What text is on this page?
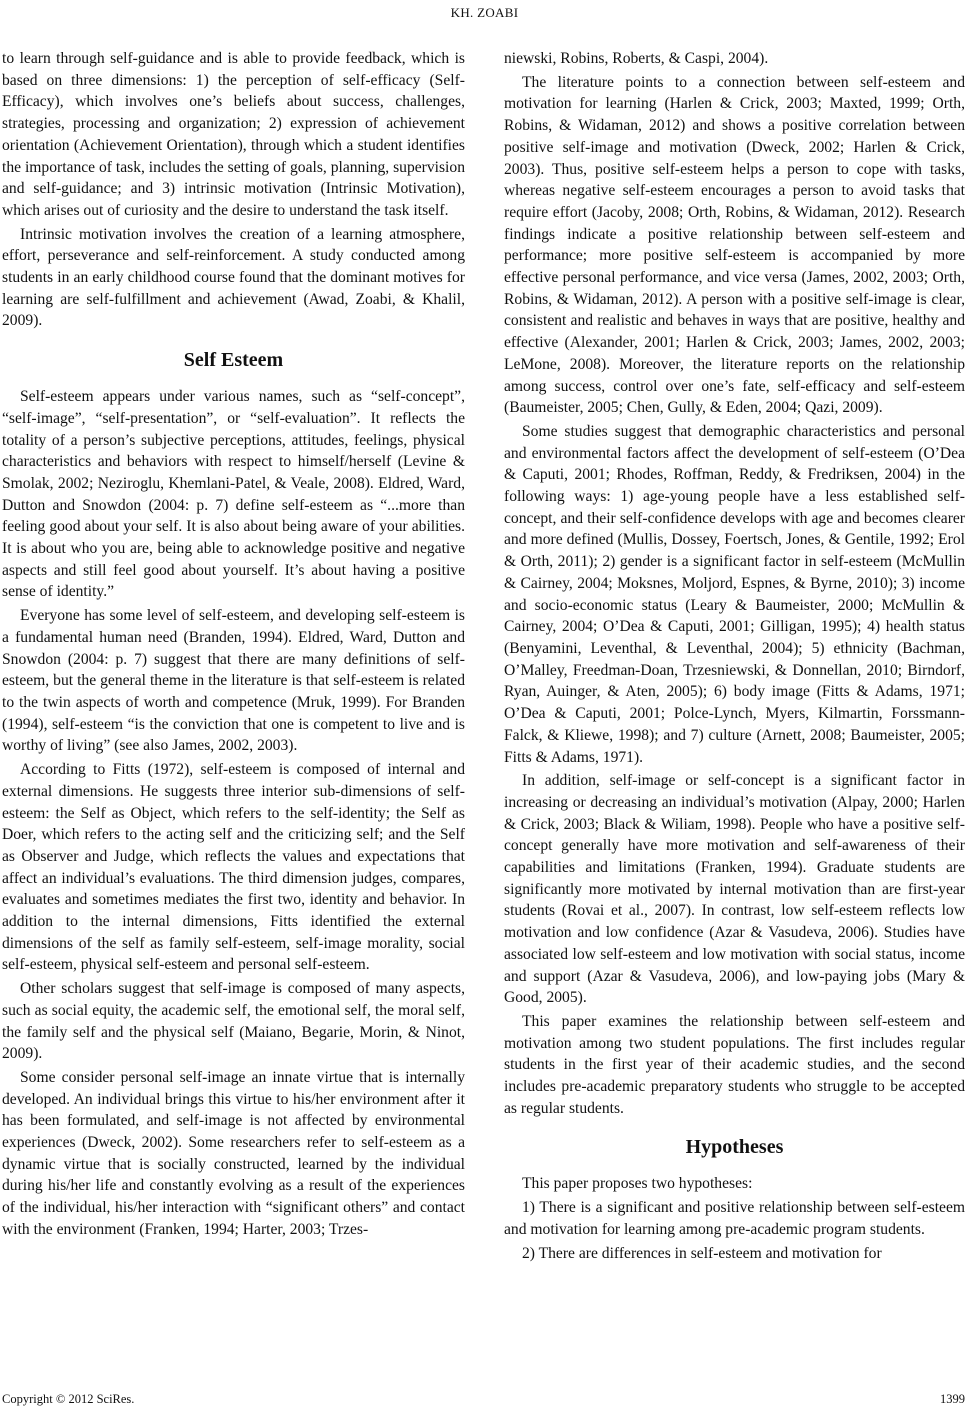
KH. ZOABI

to learn through self-guidance and is able to provide feedback, which is based on three dimensions: 1) the perception of self-efficacy (Self-Efficacy), which involves one’s beliefs about success, challenges, strategies, processing and organization; 2) expression of achievement orientation (Achievement Orientation), through which a student identifies the importance of task, includes the setting of goals, planning, supervision and self-guidance; and 3) intrinsic motivation (Intrinsic Motivation), which arises out of curiosity and the desire to understand the task itself.

Intrinsic motivation involves the creation of a learning atmosphere, effort, perseverance and self-reinforcement. A study conducted among students in an early childhood course found that the dominant motives for learning are self-fulfillment and achievement (Awad, Zoabi, & Khalil, 2009).

Self Esteem

Self-esteem appears under various names, such as “self-concept”, “self-image”, “self-presentation”, or “self-evaluation”. It reflects the totality of a person’s subjective perceptions, attitudes, feelings, physical characteristics and behaviors with respect to himself/herself (Levine & Smolak, 2002; Neziroglu, Khemlani-Patel, & Veale, 2008). Eldred, Ward, Dutton and Snowdon (2004: p. 7) define self-esteem as “...more than feeling good about your self. It is also about being aware of your abilities. It is about who you are, being able to acknowledge positive and negative aspects and still feel good about yourself. It’s about having a positive sense of identity.”

Everyone has some level of self-esteem, and developing self-esteem is a fundamental human need (Branden, 1994). Eldred, Ward, Dutton and Snowdon (2004: p. 7) suggest that there are many definitions of self-esteem, but the general theme in the literature is that self-esteem is related to the twin aspects of worth and competence (Mruk, 1999). For Branden (1994), self-esteem “is the conviction that one is competent to live and is worthy of living” (see also James, 2002, 2003).

According to Fitts (1972), self-esteem is composed of internal and external dimensions. He suggests three interior sub-dimensions of self-esteem: the Self as Object, which refers to the self-identity; the Self as Doer, which refers to the acting self and the criticizing self; and the Self as Observer and Judge, which reflects the values and expectations that affect an individual’s evaluations. The third dimension judges, compares, evaluates and sometimes mediates the first two, identity and behavior. In addition to the internal dimensions, Fitts identified the external dimensions of the self as family self-esteem, self-image morality, social self-esteem, physical self-esteem and personal self-esteem.

Other scholars suggest that self-image is composed of many aspects, such as social equity, the academic self, the emotional self, the moral self, the family self and the physical self (Maiano, Begarie, Morin, & Ninot, 2009).

Some consider personal self-image an innate virtue that is internally developed. An individual brings this virtue to his/her environment after it has been formulated, and self-image is not affected by environmental experiences (Dweck, 2002). Some researchers refer to self-esteem as a dynamic virtue that is socially constructed, learned by the individual during his/her life and constantly evolving as a result of the experiences of the individual, his/her interaction with “significant others” and contact with the environment (Franken, 1994; Harter, 2003; Trzes-

niewski, Robins, Roberts, & Caspi, 2004).

The literature points to a connection between self-esteem and motivation for learning (Harlen & Crick, 2003; Maxted, 1999; Orth, Robins, & Widaman, 2012) and shows a positive correlation between positive self-image and motivation (Dweck, 2002; Harlen & Crick, 2003). Thus, positive self-esteem helps a person to cope with tasks, whereas negative self-esteem encourages a person to avoid tasks that require effort (Jacoby, 2008; Orth, Robins, & Widaman, 2012). Research findings indicate a positive relationship between self-esteem and performance; more positive self-esteem is accompanied by more effective personal performance, and vice versa (James, 2002, 2003; Orth, Robins, & Widaman, 2012). A person with a positive self-image is clear, consistent and realistic and behaves in ways that are positive, healthy and effective (Alexander, 2001; Harlen & Crick, 2003; James, 2002, 2003; LeMone, 2008). Moreover, the literature reports on the relationship among success, control over one’s fate, self-efficacy and self-esteem (Baumeister, 2005; Chen, Gully, & Eden, 2004; Qazi, 2009).

Some studies suggest that demographic characteristics and personal and environmental factors affect the development of self-esteem (O’Dea & Caputi, 2001; Rhodes, Roffman, Reddy, & Fredriksen, 2004) in the following ways: 1) age-young people have a less established self-concept, and their self-confidence develops with age and becomes clearer and more defined (Mullis, Dossey, Foertsch, Jones, & Gentile, 1992; Erol & Orth, 2011); 2) gender is a significant factor in self-esteem (McMullin & Cairney, 2004; Moksnes, Moljord, Espnes, & Byrne, 2010); 3) income and socio-economic status (Leary & Baumeister, 2000; McMullin & Cairney, 2004; O’Dea & Caputi, 2001; Gilligan, 1995); 4) health status (Benyamini, Leventhal, & Leventhal, 2004); 5) ethnicity (Bachman, O’Malley, Freedman-Doan, Trzesniewski, & Donnellan, 2010; Birndorf, Ryan, Auinger, & Aten, 2005); 6) body image (Fitts & Adams, 1971; O’Dea & Caputi, 2001; Polce-Lynch, Myers, Kilmartin, Forssmann-Falck, & Kliewe, 1998); and 7) culture (Arnett, 2008; Baumeister, 2005; Fitts & Adams, 1971).

In addition, self-image or self-concept is a significant factor in increasing or decreasing an individual’s motivation (Alpay, 2000; Harlen & Crick, 2003; Black & Wiliam, 1998). People who have a positive self-concept generally have more motivation and self-awareness of their capabilities and limitations (Franken, 1994). Graduate students are significantly more motivated by internal motivation than are first-year students (Rovai et al., 2007). In contrast, low self-esteem reflects low motivation and low confidence (Azar & Vasudeva, 2006). Studies have associated low self-esteem and low motivation with social status, income and support (Azar & Vasudeva, 2006), and low-paying jobs (Mary & Good, 2005).

This paper examines the relationship between self-esteem and motivation among two student populations. The first includes regular students in the first year of their academic studies, and the second includes pre-academic preparatory students who struggle to be accepted as regular students.

Hypotheses

This paper proposes two hypotheses:

1) There is a significant and positive relationship between self-esteem and motivation for learning among pre-academic program students.

2) There are differences in self-esteem and motivation for

Copyright © 2012 SciRes.	1399
